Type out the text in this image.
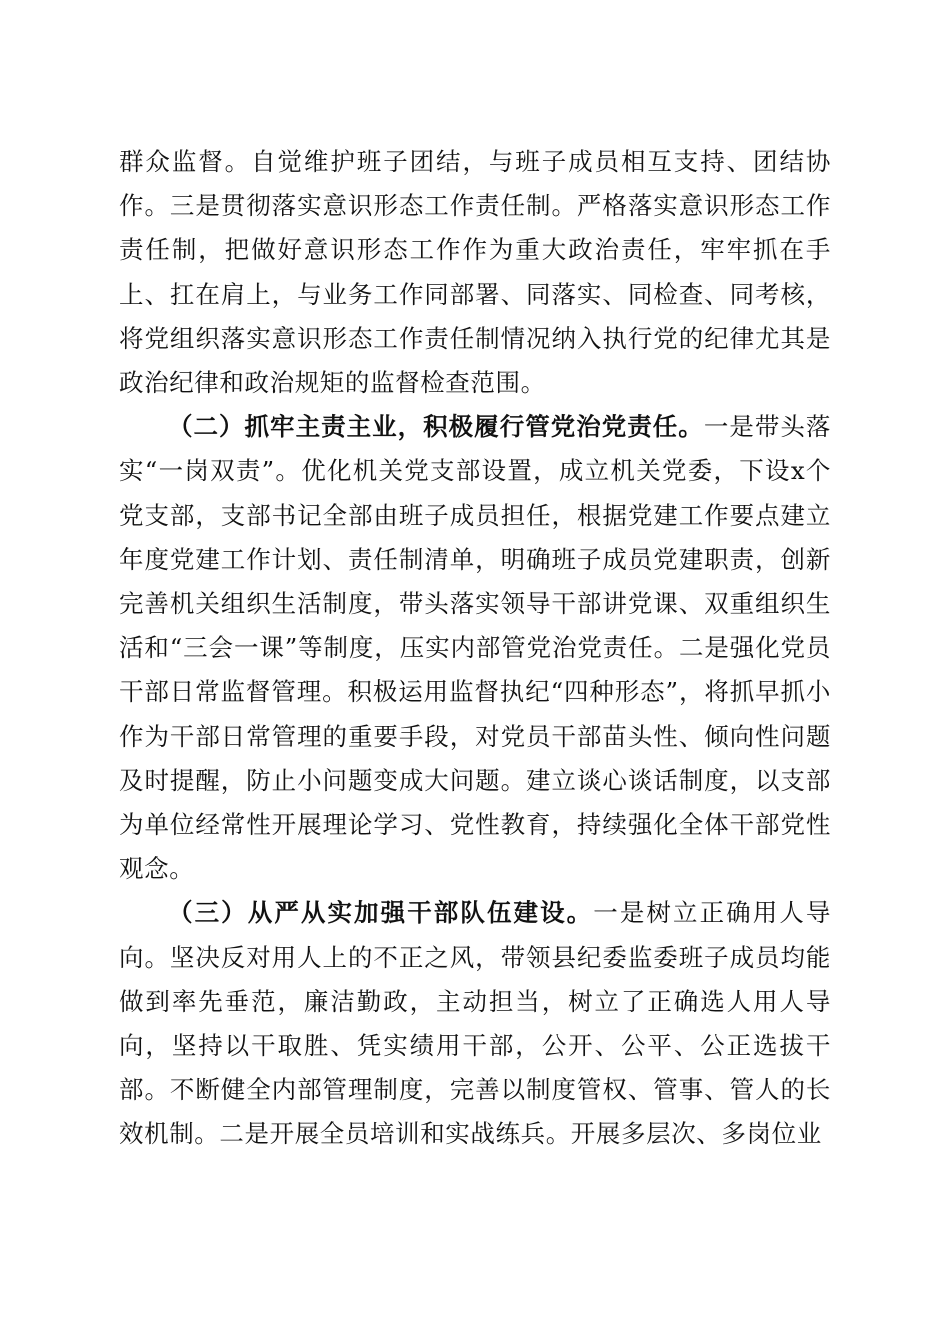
群众监督。自觉维护班子团结，与班子成员相互支持、团结协作。三是贯彻落实意识形态工作责任制。严格落实意识形态工作责任制，把做好意识形态工作作为重大政治责任，牢牢抓在手上、扛在肩上，与业务工作同部署、同落实、同检查、同考核，将党组织落实意识形态工作责任制情况纳入执行党的纪律尤其是政治纪律和政治规矩的监督检查范围。

（二）抓牢主责主业，积极履行管党治党责任。一是带头落实“一岗双责”。优化机关党支部设置，成立机关党委，下设x个党支部，支部书记全部由班子成员担任，根据党建工作要点建立年度党建工作计划、责任制清单，明确班子成员党建职责，创新完善机关组织生活制度，带头落实领导干部讲党课、双重组织生活和“三会一课”等制度，压实内部管党治党责任。二是强化党员干部日常监督管理。积极运用监督执纪“四种形态”，将抓早抓小作为干部日常管理的重要手段，对党员干部苗头性、倾向性问题及时提醒，防止小问题变成大问题。建立谈心谈话制度，以支部为单位经常性开展理论学习、党性教育，持续强化全体干部党性观念。

（三）从严从实加强干部队伍建设。一是树立正确用人导向。坚决反对用人上的不正之风，带领县纪委监委班子成员均能做到率先垂范，廉洁勤政，主动担当，树立了正确选人用人导向，坚持以干取胜、凭实绩用干部，公开、公平、公正选拔干部。不断健全内部管理制度，完善以制度管权、管事、管人的长效机制。二是开展全员培训和实战练兵。开展多层次、多岗位业
